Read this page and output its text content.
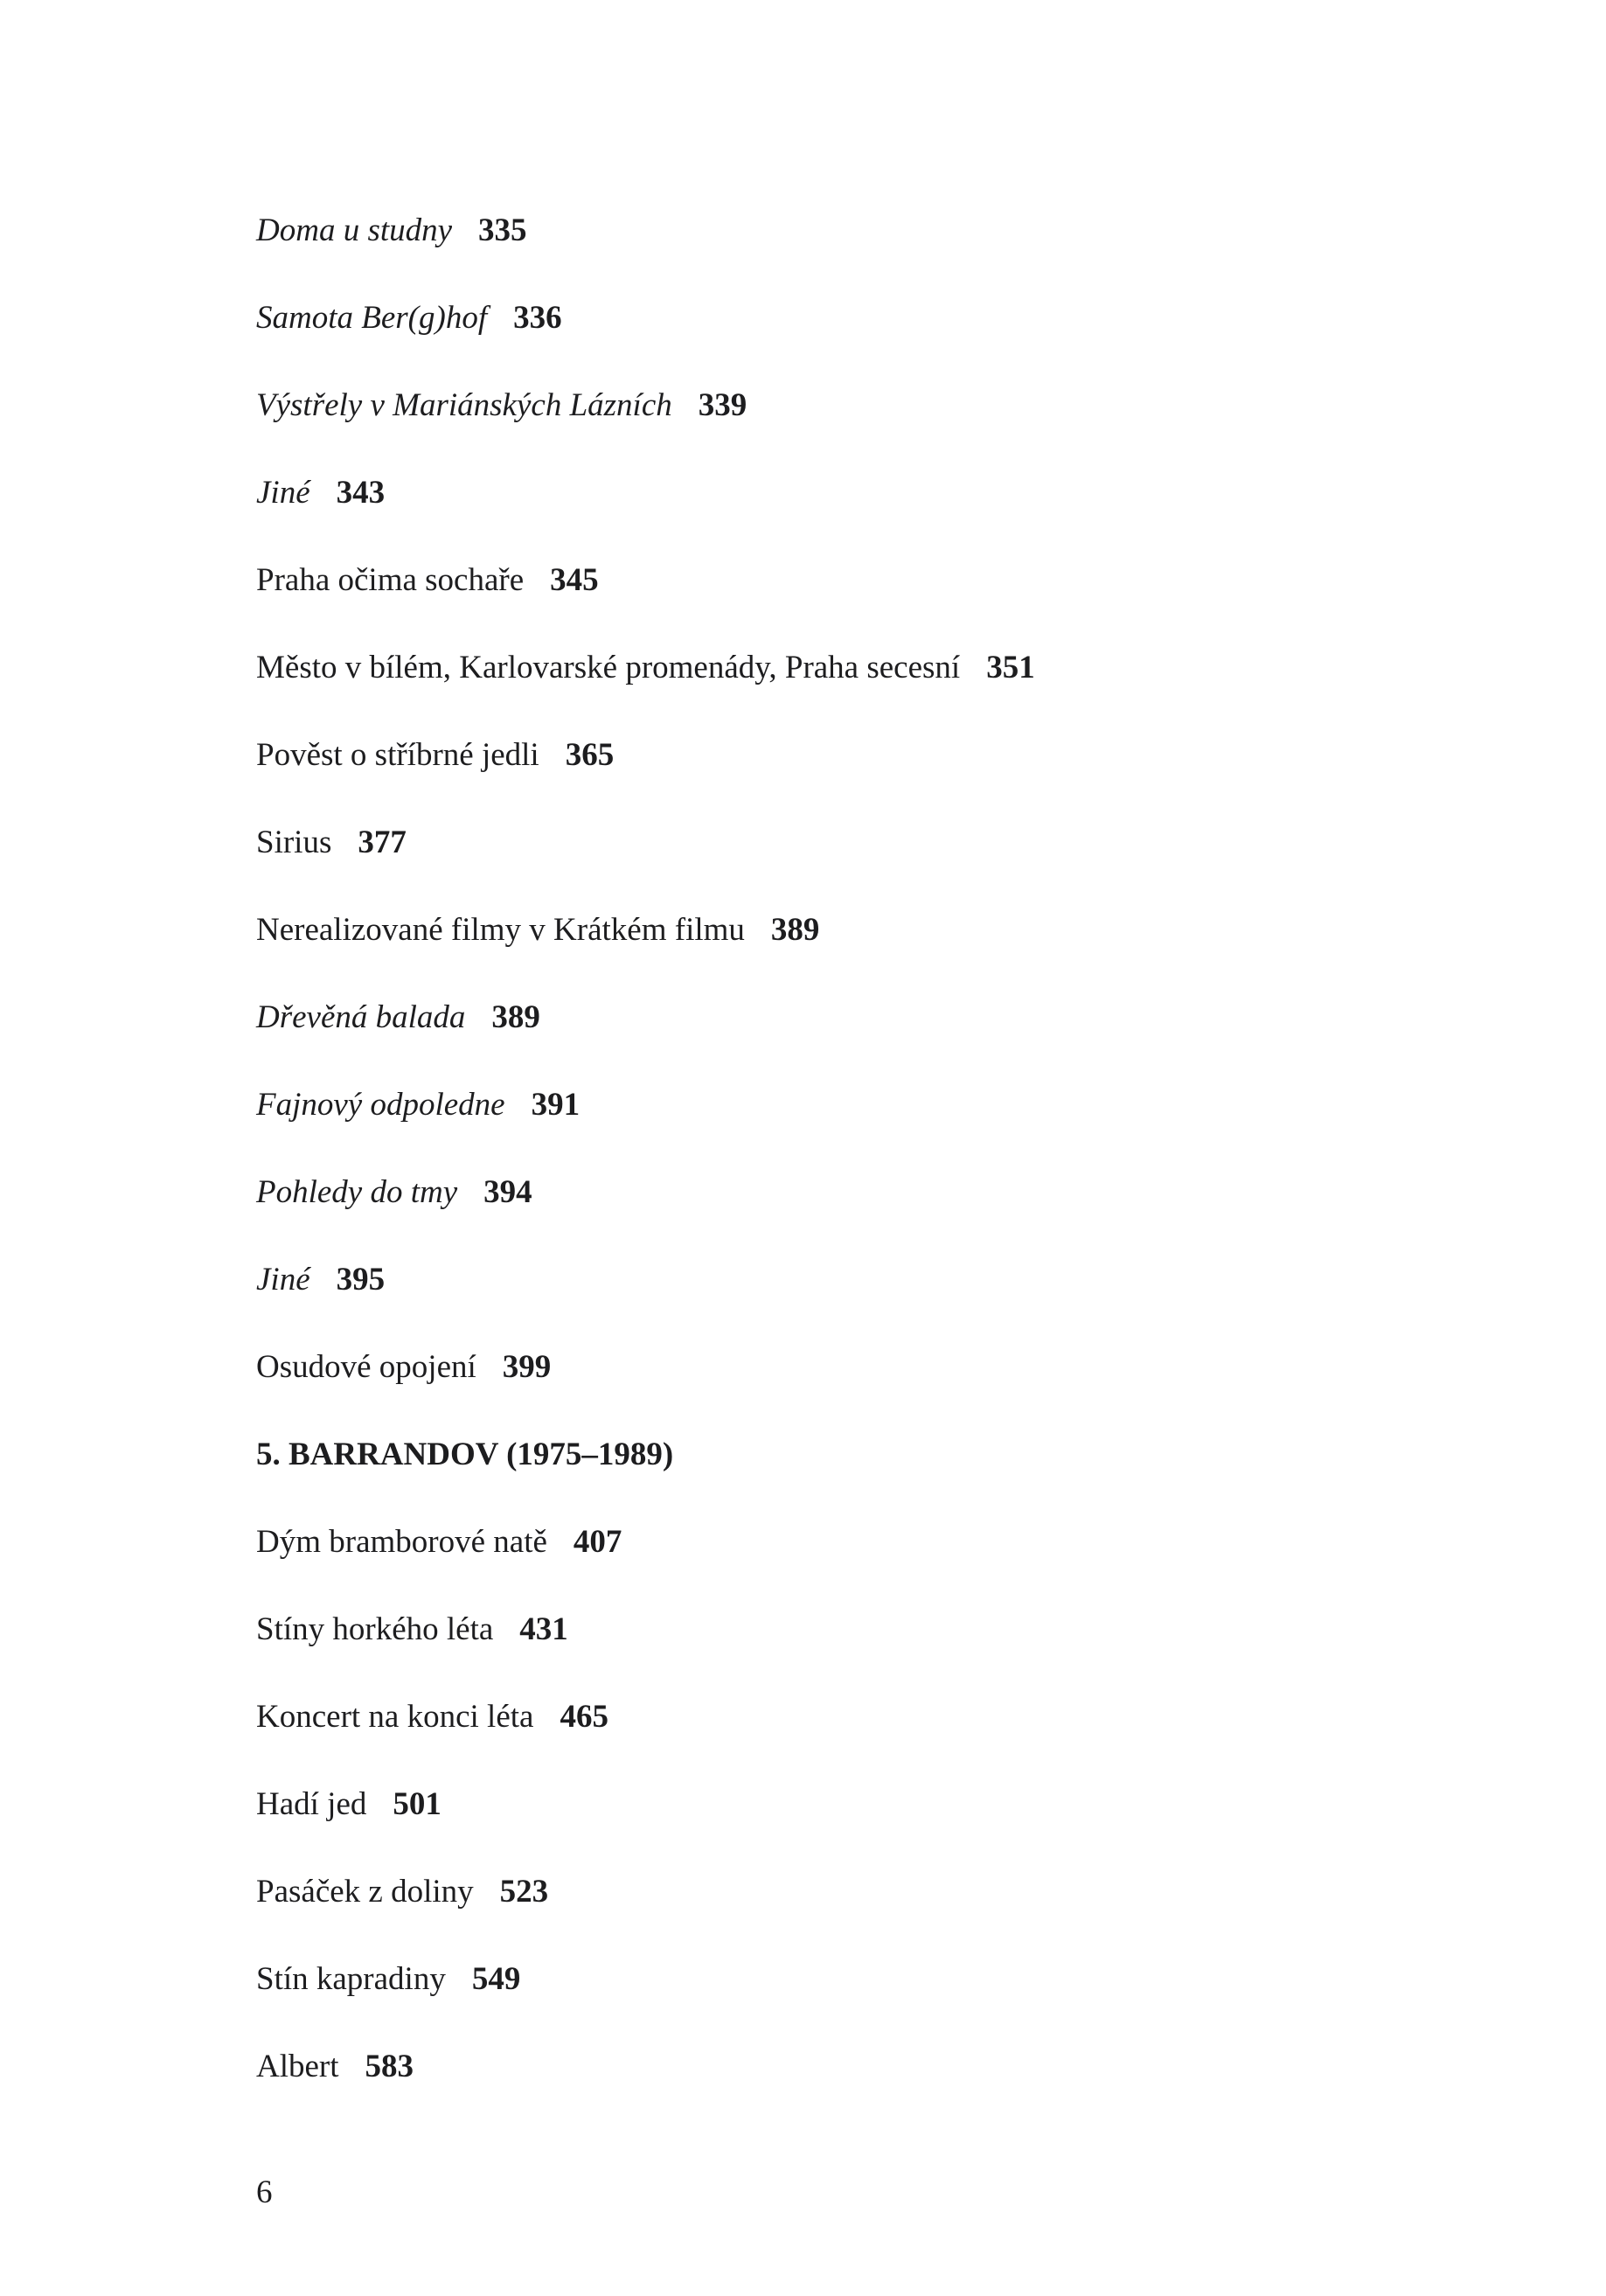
Doma u studny 335
Samota Ber(g)hof 336
Výstřely v Mariánských Lázních 339
Jiné 343
Praha očima sochaře 345
Město v bílém, Karlovarské promenády, Praha secesní 351
Pověst o stříbrné jedli 365
Sirius 377
Nerealizované filmy v Krátkém filmu 389
Dřevěná balada 389
Fajnový odpoledne 391
Pohledy do tmy 394
Jiné 395
Osudové opojení 399
5. BARRANDOV (1975–1989)
Dým bramborové natě 407
Stíny horkého léta 431
Koncert na konci léta 465
Hadí jed 501
Pasáček z doliny 523
Stín kapradiny 549
Albert 583
6
